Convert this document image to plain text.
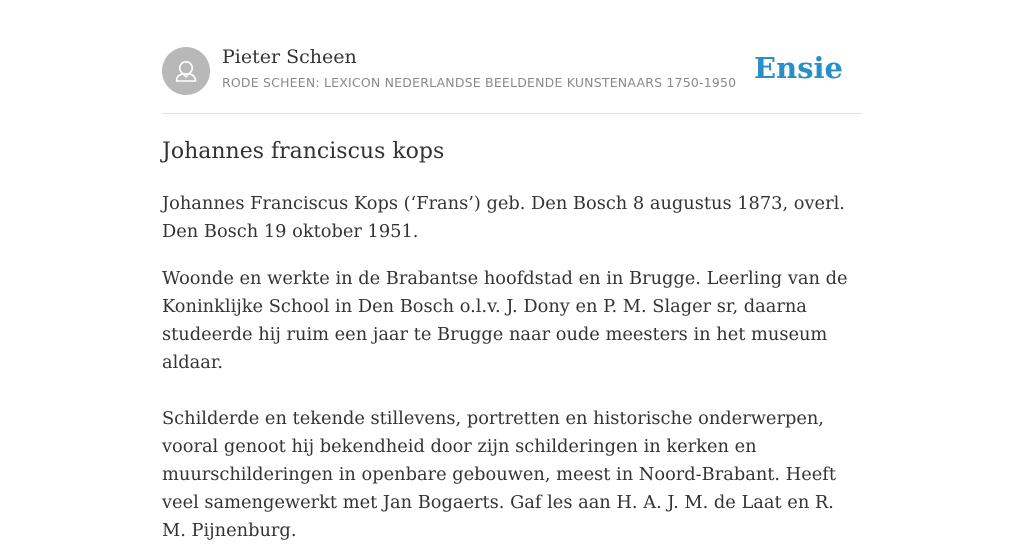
Pieter Scheen
RODE SCHEEN: LEXICON NEDERLANDSE BEELDENDE KUNSTENAARS 1750-1950 Ensie
Johannes franciscus kops

Johannes Franciscus Kops (‘Frans’) geb. Den Bosch 8 augustus 1873, overl. Den Bosch 19 oktober 1951.

Woonde en werkte in de Brabantse hoofdstad en in Brugge. Leerling van de Koninklijke School in Den Bosch o.l.v. J. Dony en P. M. Slager sr, daarna studeerde hij ruim een jaar te Brugge naar oude meesters in het museum aldaar.

Schilderde en tekende stillevens, portretten en historische onderwerpen, vooral genoot hij bekendheid door zijn schilderingen in kerken en muurschilderingen in openbare gebouwen, meest in Noord-Brabant. Heeft veel samengewerkt met Jan Bogaerts. Gaf les aan H. A. J. M. de Laat en R. M. Pijnenburg.
